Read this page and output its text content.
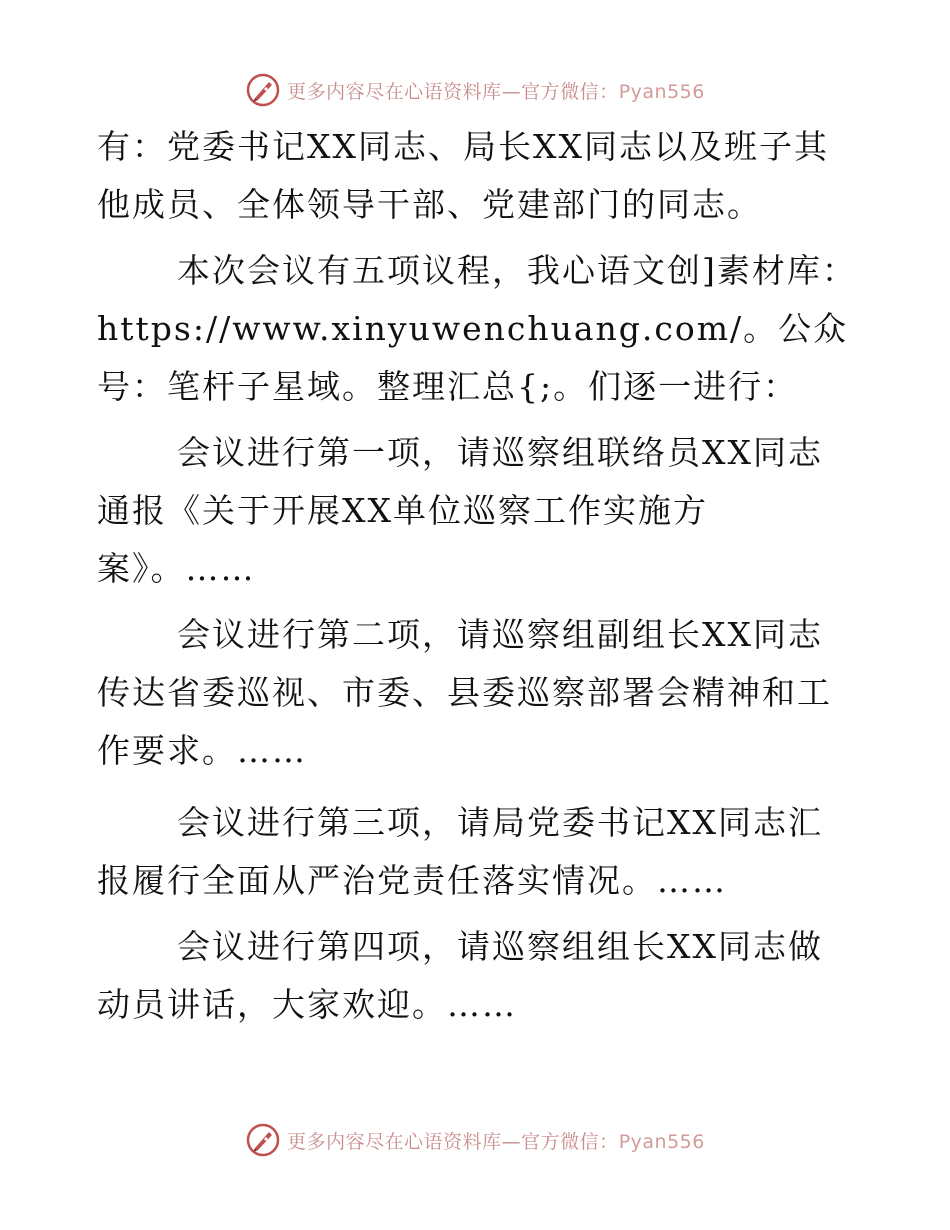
更多内容尽在心语资料库—官方微信：Pyan556

有：党委书记XX同志、局长XX同志以及班子其他成员、全体领导干部、党建部门的同志。

本次会议有五项议程，我心语文创]素材库：https://www.xinyuwenchuang.com/。公众号：笔杆子星域。整理汇总{;。们逐一进行：

会议进行第一项，请巡察组联络员XX同志通报《关于开展XX单位巡察工作实施方案》。……

会议进行第二项，请巡察组副组长XX同志传达省委巡视、市委、县委巡察部署会精神和工作要求。……

会议进行第三项，请局党委书记XX同志汇报履行全面从严治党责任落实情况。……

会议进行第四项，请巡察组组长XX同志做动员讲话，大家欢迎。……

更多内容尽在心语资料库—官方微信：Pyan556
